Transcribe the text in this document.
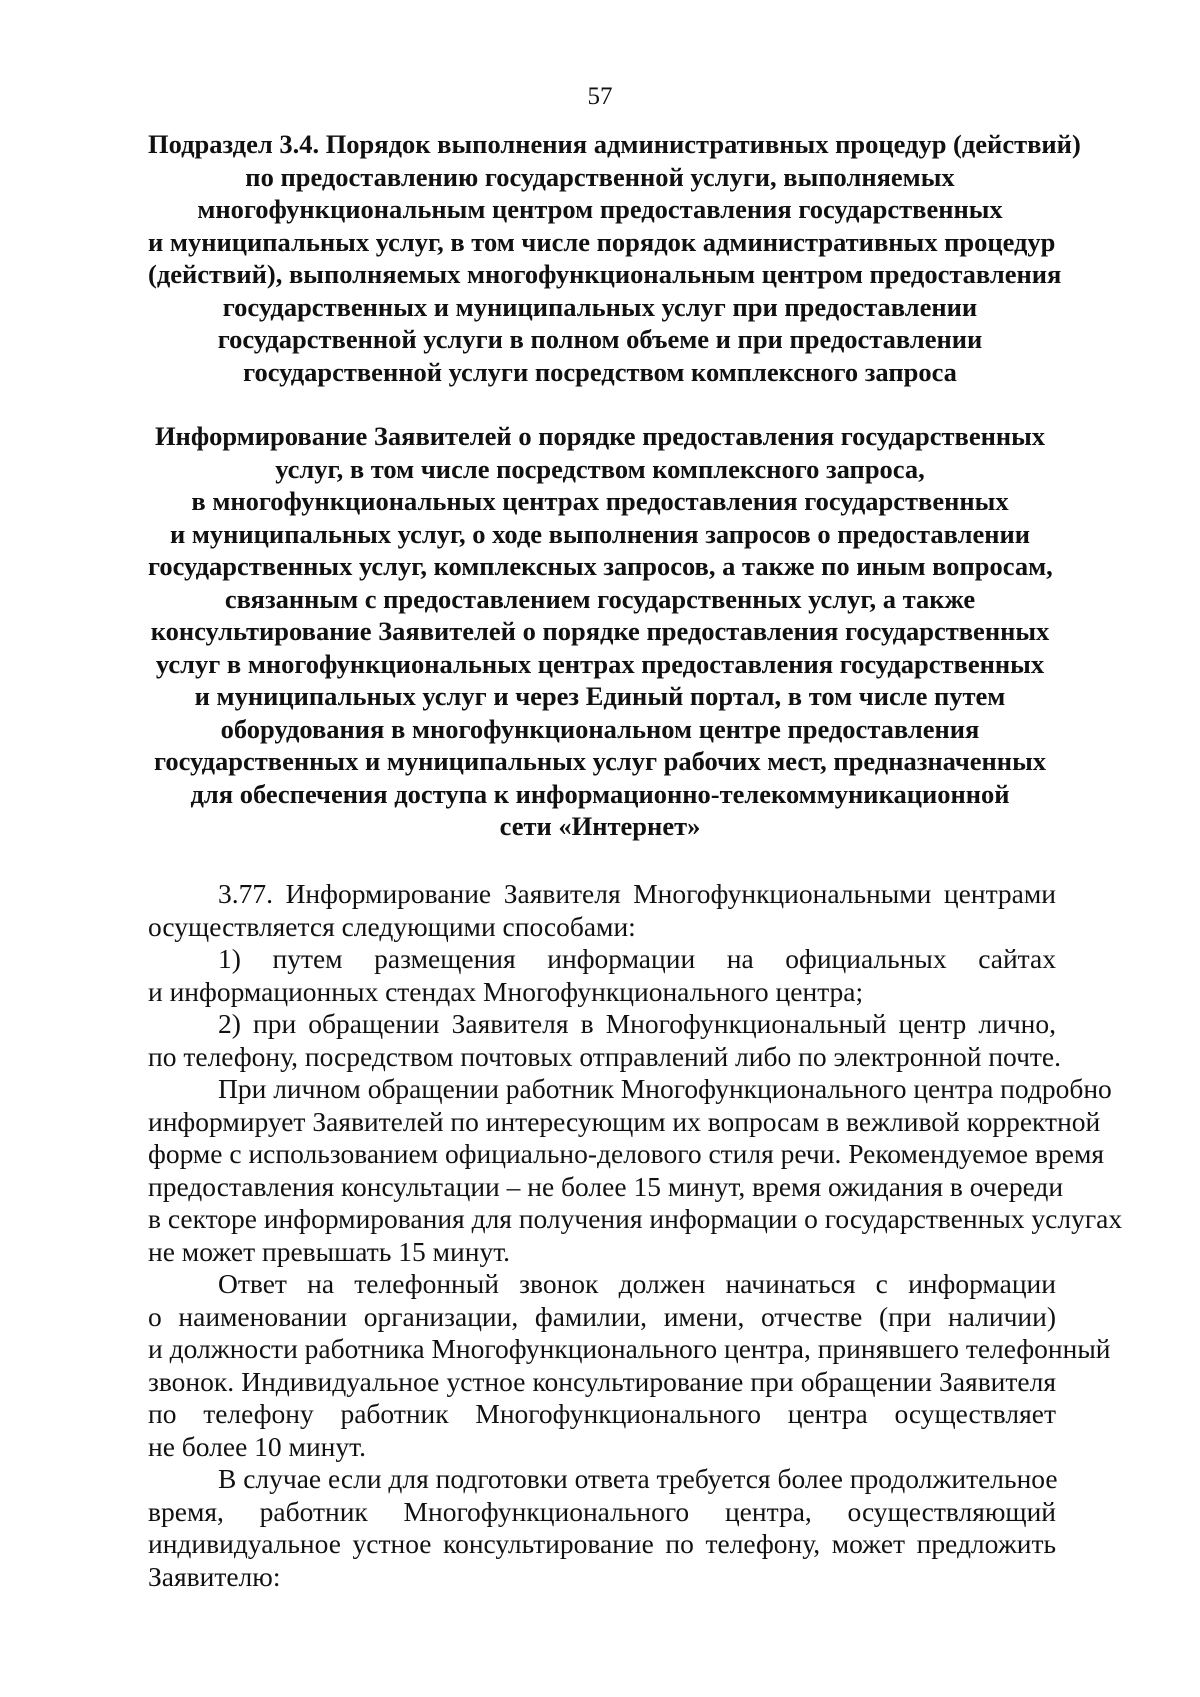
57
Подраздел 3.4. Порядок выполнения административных процедур (действий)
по предоставлению государственной услуги, выполняемых
многофункциональным центром предоставления государственных
и муниципальных услуг, в том числе порядок административных процедур
(действий), выполняемых многофункциональным центром предоставления
государственных и муниципальных услуг при предоставлении
государственной услуги в полном объеме и при предоставлении
государственной услуги посредством комплексного запроса
Информирование Заявителей о порядке предоставления государственных
услуг, в том числе посредством комплексного запроса,
в многофункциональных центрах предоставления государственных
и муниципальных услуг, о ходе выполнения запросов о предоставлении
государственных услуг, комплексных запросов, а также по иным вопросам,
связанным с предоставлением государственных услуг, а также
консультирование Заявителей о порядке предоставления государственных
услуг в многофункциональных центрах предоставления государственных
и муниципальных услуг и через Единый портал, в том числе путем
оборудования в многофункциональном центре предоставления
государственных и муниципальных услуг рабочих мест, предназначенных
для обеспечения доступа к информационно-телекоммуникационной
сети «Интернет»
3.77. Информирование Заявителя Многофункциональными центрами
осуществляется следующими способами:
1) путем размещения информации на официальных сайтах
и информационных стендах Многофункционального центра;
2) при обращении Заявителя в Многофункциональный центр лично,
по телефону, посредством почтовых отправлений либо по электронной почте.
При личном обращении работник Многофункционального центра подробно
информирует Заявителей по интересующим их вопросам в вежливой корректной
форме с использованием официально-делового стиля речи. Рекомендуемое время
предоставления консультации – не более 15 минут, время ожидания в очереди
в секторе информирования для получения информации о государственных услугах
не может превышать 15 минут.
Ответ на телефонный звонок должен начинаться с информации
о наименовании организации, фамилии, имени, отчестве (при наличии)
и должности работника Многофункционального центра, принявшего телефонный
звонок. Индивидуальное устное консультирование при обращении Заявителя
по телефону работник Многофункционального центра осуществляет
не более 10 минут.
В случае если для подготовки ответа требуется более продолжительное
время, работник Многофункционального центра, осуществляющий
индивидуальное устное консультирование по телефону, может предложить
Заявителю:
